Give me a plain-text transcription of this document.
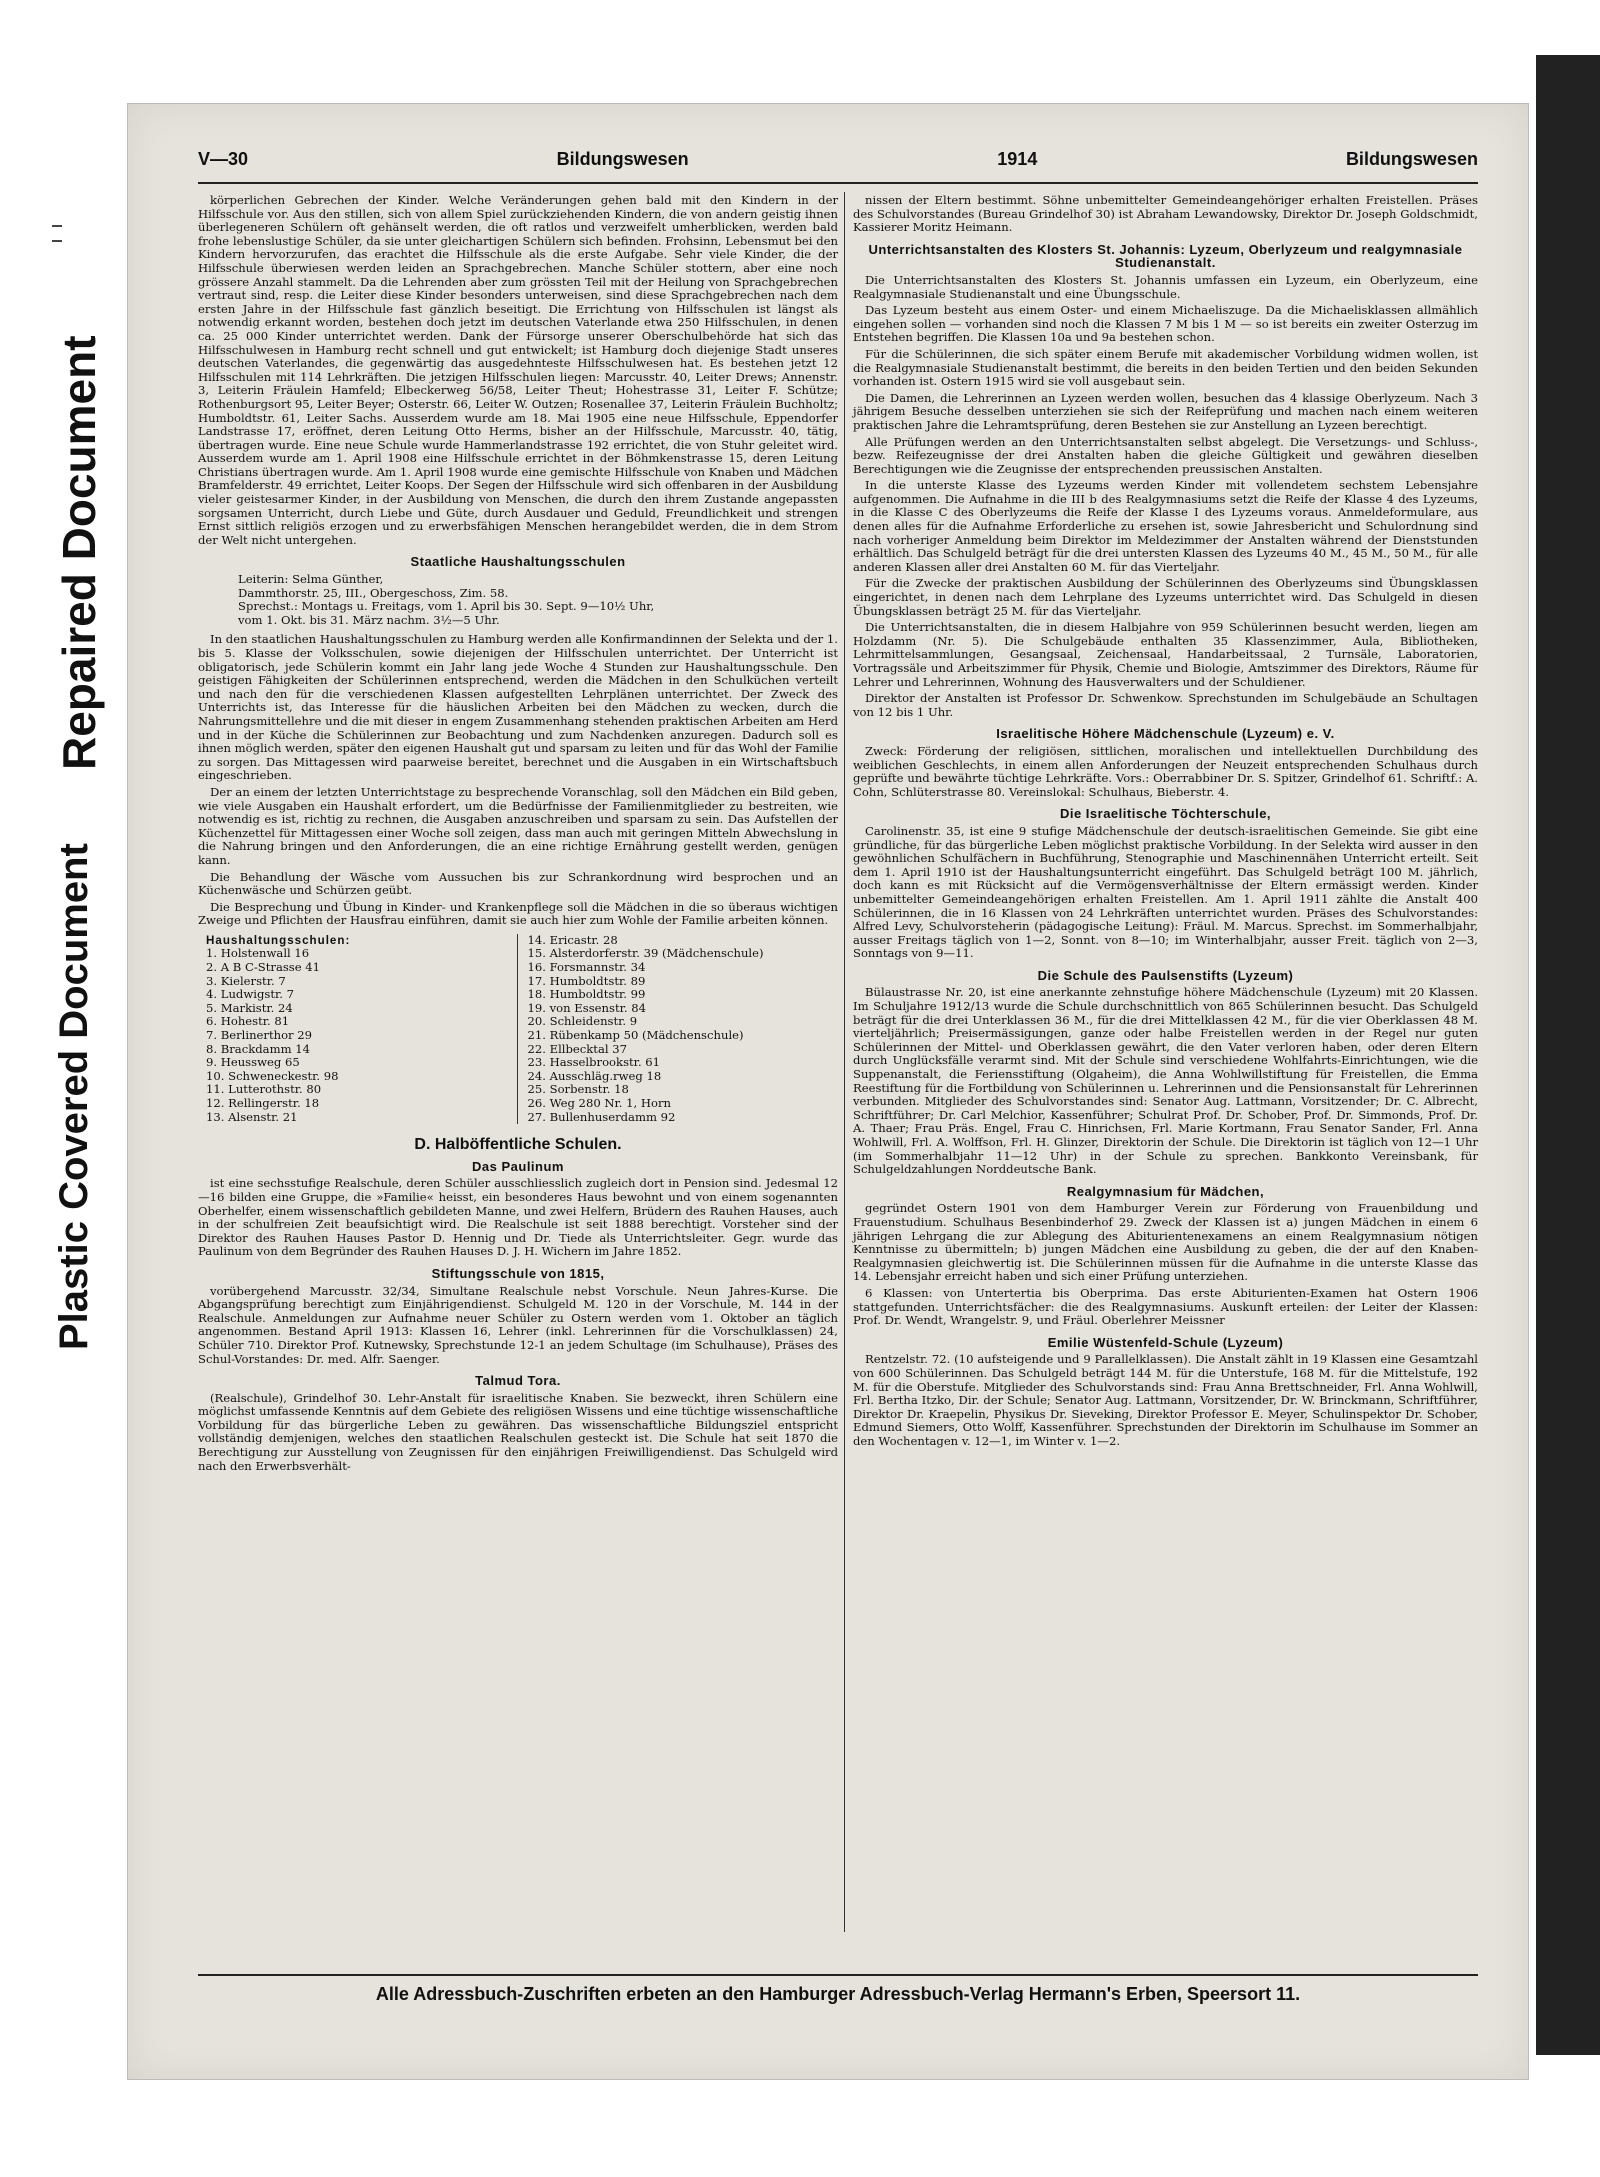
Repaired Document
Plastic Covered Document
V—30	Bildungswesen	1914	Bildungswesen

körperlichen Gebrechen der Kinder. Welche Veränderungen gehen bald mit den Kindern in der Hilfsschule vor. Aus den stillen, sich von allem Spiel zurückziehenden Kindern, die von andern geistig ihnen überlegeneren Schülern oft gehänselt werden, die oft ratlos und verzweifelt umherblicken, werden bald frohe lebenslustige Schüler, da sie unter gleichartigen Schülern sich befinden. Frohsinn, Lebensmut bei den Kindern hervorzurufen, das erachtet die Hilfsschule als die erste Aufgabe. Sehr viele Kinder, die der Hilfsschule überwiesen werden leiden an Sprachgebrechen. Manche Schüler stottern, aber eine noch grössere Anzahl stammelt. Da die Lehrenden aber zum grössten Teil mit der Heilung von Sprachgebrechen vertraut sind, resp. die Leiter diese Kinder besonders unterweisen, sind diese Sprachgebrechen nach dem ersten Jahre in der Hilfsschule fast gänzlich beseitigt. Die Errichtung von Hilfsschulen ist längst als notwendig erkannt worden, bestehen doch jetzt im deutschen Vaterlande etwa 250 Hilfsschulen, in denen ca. 25 000 Kinder unterrichtet werden. Dank der Fürsorge unserer Oberschulbehörde hat sich das Hilfsschulwesen in Hamburg recht schnell und gut entwickelt; ist Hamburg doch diejenige Stadt unseres deutschen Vaterlandes, die gegenwärtig das ausgedehnteste Hilfsschulwesen hat. Es bestehen jetzt 12 Hilfsschulen mit 114 Lehrkräften. Die jetzigen Hilfsschulen liegen: Marcusstr. 40, Leiter Drews; Annenstr. 3, Leiterin Fräulein Hamfeld; Elbeckerweg 56/58, Leiter Theut; Hohestrasse 31, Leiter F. Schütze; Rothenburgsort 95, Leiter Beyer; Osterstr. 66, Leiter W. Outzen; Rosenallee 37, Leiterin Fräulein Buchholtz; Humboldtstr. 61, Leiter Sachs. Ausserdem wurde am 18. Mai 1905 eine neue Hilfsschule, Eppendorfer Landstrasse 17, eröffnet, deren Leitung Otto Herms, bisher an der Hilfsschule, Marcusstr. 40, tätig, übertragen wurde. Eine neue Schule wurde Hammerlandstrasse 192 errichtet, die von Stuhr geleitet wird. Ausserdem wurde am 1. April 1908 eine Hilfsschule errichtet in der Böhmkenstrasse 15, deren Leitung Christians übertragen wurde. Am 1. April 1908 wurde eine gemischte Hilfsschule von Knaben und Mädchen Bramfelderstr. 49 errichtet, Leiter Koops. Der Segen der Hilfsschule wird sich offenbaren in der Ausbildung vieler geistesarmer Kinder, in der Ausbildung von Menschen, die durch den ihrem Zustande angepassten sorgsamen Unterricht, durch Liebe und Güte, durch Ausdauer und Geduld, Freundlichkeit und strengen Ernst sittlich religiös erzogen und zu erwerbsfähigen Menschen herangebildet werden, die in dem Strom der Welt nicht untergehen.

Staatliche Haushaltungsschulen
Leiterin: Selma Günther,
Dammthorstr. 25, III., Obergeschoss, Zim. 58.
Sprechst.: Montags u. Freitags, vom 1. April bis 30. Sept. 9—10½ Uhr,
vom 1. Okt. bis 31. März nachm. 3½—5 Uhr.

In den staatlichen Haushaltungsschulen zu Hamburg werden alle Konfirmandinnen der Selekta und der 1. bis 5. Klasse der Volksschulen, sowie diejenigen der Hilfsschulen unterrichtet. Der Unterricht ist obligatorisch, jede Schülerin kommt ein Jahr lang jede Woche 4 Stunden zur Haushaltungsschule. Den geistigen Fähigkeiten der Schülerinnen entsprechend, werden die Mädchen in den Schulküchen verteilt und nach den für die verschiedenen Klassen aufgestellten Lehrplänen unterrichtet. Der Zweck des Unterrichts ist, das Interesse für die häuslichen Arbeiten bei den Mädchen zu wecken, durch die Nahrungsmittellehre und die mit dieser in engem Zusammenhang stehenden praktischen Arbeiten am Herd und in der Küche die Schülerinnen zur Beobachtung und zum Nachdenken anzuregen. Dadurch soll es ihnen möglich werden, später den eigenen Haushalt gut und sparsam zu leiten und für das Wohl der Familie zu sorgen. Das Mittagessen wird paarweise bereitet, berechnet und die Ausgaben in ein Wirtschaftsbuch eingeschrieben.

Der an einem der letzten Unterrichtstage zu besprechende Voranschlag, soll den Mädchen ein Bild geben, wie viele Ausgaben ein Haushalt erfordert, um die Bedürfnisse der Familienmitglieder zu bestreiten, wie notwendig es ist, richtig zu rechnen, die Ausgaben anzuschreiben und sparsam zu sein. Das Aufstellen der Küchenzettel für Mittagessen einer Woche soll zeigen, dass man auch mit geringen Mitteln Abwechslung in die Nahrung bringen und den Anforderungen, die an eine richtige Ernährung gestellt werden, genügen kann.

Die Behandlung der Wäsche vom Aussuchen bis zur Schrankordnung wird besprochen und an Küchenwäsche und Schürzen geübt.

Die Besprechung und Übung in Kinder- und Krankenpflege soll die Mädchen in die so überaus wichtigen Zweige und Pflichten der Hausfrau einführen, damit sie auch hier zum Wohle der Familie arbeiten können.

Haushaltungsschulen:
1. Holstenwall 16
2. A B C-Strasse 41
3. Kielerstr. 7
4. Ludwigstr. 7
5. Markistr. 24
6. Hohestr. 81
7. Berlinerthor 29
8. Brackdamm 14
9. Heussweg 65
10. Schweneckestr. 98
11. Lutterothstr. 80
12. Rellingerstr. 18
13. Alsenstr. 21
14. Ericastr. 28
15. Alsterdorferstr. 39 (Mädchenschule)
16. Forsmannstr. 34
17. Humboldtstr. 89
18. Humboldtstr. 99
19. von Essenstr. 84
20. Schleidenstr. 9
21. Rübenkamp 50 (Mädchenschule)
22. Ellbecktal 37
23. Hasselbrookstr. 61
24. Ausschläg.rweg 18
25. Sorbenstr. 18
26. Weg 280 Nr. 1, Horn
27. Bullenhuserdamm 92
D. Halböffentliche Schulen.
Das Paulinum

ist eine sechsstufige Realschule, deren Schüler ausschliesslich zugleich dort in Pension sind. Jedesmal 12—16 bilden eine Gruppe, die »Familie« heisst, ein besonderes Haus bewohnt und von einem sogenannten Oberhelfer, einem wissenschaftlich gebildeten Manne, und zwei Helfern, Brüdern des Rauhen Hauses, auch in der schulfreien Zeit beaufsichtigt wird. Die Realschule ist seit 1888 berechtigt. Vorsteher sind der Direktor des Rauhen Hauses Pastor D. Hennig und Dr. Tiede als Unterrichtsleiter. Gegr. wurde das Paulinum von dem Begründer des Rauhen Hauses D. J. H. Wichern im Jahre 1852.

Stiftungsschule von 1815,

vorübergehend Marcusstr. 32/34, Simultane Realschule nebst Vorschule. Neun Jahres-Kurse. Die Abgangsprüfung berechtigt zum Einjährigendienst. Schulgeld M. 120 in der Vorschule, M. 144 in der Realschule. Anmeldungen zur Aufnahme neuer Schüler zu Ostern werden vom 1. Oktober an täglich angenommen. Bestand April 1913: Klassen 16, Lehrer (inkl. Lehrerinnen für die Vorschulklassen) 24, Schüler 710. Direktor Prof. Kutnewsky, Sprechstunde 12-1 an jedem Schultage (im Schulhause), Präses des Schul-Vorstandes: Dr. med. Alfr. Saenger.

Talmud Tora.

(Realschule), Grindelhof 30. Lehr-Anstalt für israelitische Knaben. Sie bezweckt, ihren Schülern eine möglichst umfassende Kenntnis auf dem Gebiete des religiösen Wissens und eine tüchtige wissenschaftliche Vorbildung für das bürgerliche Leben zu gewähren. Das wissenschaftliche Bildungsziel entspricht vollständig demjenigen, welches den staatlichen Realschulen gesteckt ist. Die Schule hat seit 1870 die Berechtigung zur Ausstellung von Zeugnissen für den einjährigen Freiwilligendienst. Das Schulgeld wird nach den Erwerbsverhält-

nissen der Eltern bestimmt. Söhne unbemittelter Gemeindeangehöriger erhalten Freistellen. Präses des Schulvorstandes (Bureau Grindelhof 30) ist Abraham Lewandowsky, Direktor Dr. Joseph Goldschmidt, Kassierer Moritz Heimann.

Unterrichtsanstalten des Klosters St. Johannis: Lyzeum, Oberlyzeum und realgymnasiale Studienanstalt.

Die Unterrichtsanstalten des Klosters St. Johannis umfassen ein Lyzeum, ein Oberlyzeum, eine Realgymnasiale Studienanstalt und eine Übungsschule.

Das Lyzeum besteht aus einem Oster- und einem Michaeliszuge. Da die Michaelisklassen allmählich eingehen sollen — vorhanden sind noch die Klassen 7 M bis 1 M — so ist bereits ein zweiter Osterzug im Entstehen begriffen. Die Klassen 10a und 9a bestehen schon.

Für die Schülerinnen, die sich später einem Berufe mit akademischer Vorbildung widmen wollen, ist die Realgymnasiale Studienanstalt bestimmt, die bereits in den beiden Tertien und den beiden Sekunden vorhanden ist. Ostern 1915 wird sie voll ausgebaut sein.

Die Damen, die Lehrerinnen an Lyzeen werden wollen, besuchen das 4 klassige Oberlyzeum. Nach 3 jährigem Besuche desselben unterziehen sie sich der Reifeprüfung und machen nach einem weiteren praktischen Jahre die Lehramtsprüfung, deren Bestehen sie zur Anstellung an Lyzeen berechtigt.

Alle Prüfungen werden an den Unterrichtsanstalten selbst abgelegt. Die Versetzungs- und Schluss-, bezw. Reifezeugnisse der drei Anstalten haben die gleiche Gültigkeit und gewähren dieselben Berechtigungen wie die Zeugnisse der entsprechenden preussischen Anstalten.

In die unterste Klasse des Lyzeums werden Kinder mit vollendetem sechstem Lebensjahre aufgenommen. Die Aufnahme in die III b des Realgymnasiums setzt die Reife der Klasse 4 des Lyzeums, in die Klasse C des Oberlyzeums die Reife der Klasse I des Lyzeums voraus. Anmeldeformulare, aus denen alles für die Aufnahme Erforderliche zu ersehen ist, sowie Jahresbericht und Schulordnung sind nach vorheriger Anmeldung beim Direktor im Meldezimmer der Anstalten während der Dienststunden erhältlich. Das Schulgeld beträgt für die drei untersten Klassen des Lyzeums 40 M., 45 M., 50 M., für alle anderen Klassen aller drei Anstalten 60 M. für das Vierteljahr.

Für die Zwecke der praktischen Ausbildung der Schülerinnen des Oberlyzeums sind Übungsklassen eingerichtet, in denen nach dem Lehrplane des Lyzeums unterrichtet wird. Das Schulgeld in diesen Übungsklassen beträgt 25 M. für das Vierteljahr.

Die Unterrichtsanstalten, die in diesem Halbjahre von 959 Schülerinnen besucht werden, liegen am Holzdamm (Nr. 5). Die Schulgebäude enthalten 35 Klassenzimmer, Aula, Bibliotheken, Lehrmittelsammlungen, Gesangsaal, Zeichensaal, Handarbeitssaal, 2 Turnsäle, Laboratorien, Vortragssäle und Arbeitszimmer für Physik, Chemie und Biologie, Amtszimmer des Direktors, Räume für Lehrer und Lehrerinnen, Wohnung des Hausverwalters und der Schuldiener.

Direktor der Anstalten ist Professor Dr. Schwenkow. Sprechstunden im Schulgebäude an Schultagen von 12 bis 1 Uhr.

Israelitische Höhere Mädchenschule (Lyzeum) e. V.

Zweck: Förderung der religiösen, sittlichen, moralischen und intellektuellen Durchbildung des weiblichen Geschlechts, in einem allen Anforderungen der Neuzeit entsprechenden Schulhaus durch geprüfte und bewährte tüchtige Lehrkräfte. Vors.: Oberrabbiner Dr. S. Spitzer, Grindelhof 61. Schriftf.: A. Cohn, Schlüterstrasse 80. Vereinslokal: Schulhaus, Bieberstr. 4.

Die Israelitische Töchterschule,

Carolinenstr. 35, ist eine 9 stufige Mädchenschule der deutsch-israelitischen Gemeinde. Sie gibt eine gründliche, für das bürgerliche Leben möglichst praktische Vorbildung. In der Selekta wird ausser in den gewöhnlichen Schulfächern in Buchführung, Stenographie und Maschinennähen Unterricht erteilt. Seit dem 1. April 1910 ist der Haushaltungsunterricht eingeführt. Das Schulgeld beträgt 100 M. jährlich, doch kann es mit Rücksicht auf die Vermögensverhältnisse der Eltern ermässigt werden. Kinder unbemittelter Gemeindeangehörigen erhalten Freistellen. Am 1. April 1911 zählte die Anstalt 400 Schülerinnen, die in 16 Klassen von 24 Lehrkräften unterrichtet wurden. Präses des Schulvorstandes: Alfred Levy, Schulvorsteherin (pädagogische Leitung): Fräul. M. Marcus. Sprechst. im Sommerhalbjahr, ausser Freitags täglich von 1—2, Sonnt. von 8—10; im Winterhalbjahr, ausser Freit. täglich von 2—3, Sonntags von 9—11.

Die Schule des Paulsenstifts (Lyzeum)

Bülaustrasse Nr. 20, ist eine anerkannte zehnstufige höhere Mädchenschule (Lyzeum) mit 20 Klassen. Im Schuljahre 1912/13 wurde die Schule durchschnittlich von 865 Schülerinnen besucht. Das Schulgeld beträgt für die drei Unterklassen 36 M., für die drei Mittelklassen 42 M., für die vier Oberklassen 48 M. vierteljährlich; Preisermässigungen, ganze oder halbe Freistellen werden in der Regel nur guten Schülerinnen der Mittel- und Oberklassen gewährt, die den Vater verloren haben, oder deren Eltern durch Unglücksfälle verarmt sind. Mit der Schule sind verschiedene Wohlfahrts-Einrichtungen, wie die Suppenanstalt, die Feriensstiftung (Olgaheim), die Anna Wohlwillstiftung für Freistellen, die Emma Reestiftung für die Fortbildung von Schülerinnen u. Lehrerinnen und die Pensionsanstalt für Lehrerinnen verbunden. Mitglieder des Schulvorstandes sind: Senator Aug. Lattmann, Vorsitzender; Dr. C. Albrecht, Schriftführer; Dr. Carl Melchior, Kassenführer; Schulrat Prof. Dr. Schober, Prof. Dr. Simmonds, Prof. Dr. A. Thaer; Frau Präs. Engel, Frau C. Hinrichsen, Frl. Marie Kortmann, Frau Senator Sander, Frl. Anna Wohlwill, Frl. A. Wolffson, Frl. H. Glinzer, Direktorin der Schule. Die Direktorin ist täglich von 12—1 Uhr (im Sommerhalbjahr 11—12 Uhr) in der Schule zu sprechen. Bankkonto Vereinsbank, für Schulgeldzahlungen Norddeutsche Bank.

Realgymnasium für Mädchen,

gegründet Ostern 1901 von dem Hamburger Verein zur Förderung von Frauenbildung und Frauenstudium. Schulhaus Besenbinderhof 29. Zweck der Klassen ist a) jungen Mädchen in einem 6 jährigen Lehrgang die zur Ablegung des Abiturientenexamens an einem Realgymnasium nötigen Kenntnisse zu übermitteln; b) jungen Mädchen eine Ausbildung zu geben, die der auf den Knaben-Realgymnasien gleichwertig ist. Die Schülerinnen müssen für die Aufnahme in die unterste Klasse das 14. Lebensjahr erreicht haben und sich einer Prüfung unterziehen.

6 Klassen: von Untertertia bis Oberprima. Das erste Abiturienten-Examen hat Ostern 1906 stattgefunden. Unterrichtsfächer: die des Realgymnasiums. Auskunft erteilen: der Leiter der Klassen: Prof. Dr. Wendt, Wrangelstr. 9, und Fräul. Oberlehrer Meissner

Emilie Wüstenfeld-Schule (Lyzeum)

Rentzelstr. 72. (10 aufsteigende und 9 Parallelklassen). Die Anstalt zählt in 19 Klassen eine Gesamtzahl von 600 Schülerinnen. Das Schulgeld beträgt 144 M. für die Unterstufe, 168 M. für die Mittelstufe, 192 M. für die Oberstufe. Mitglieder des Schulvorstands sind: Frau Anna Brettschneider, Frl. Anna Wohlwill, Frl. Bertha Itzko, Dir. der Schule; Senator Aug. Lattmann, Vorsitzender, Dr. W. Brinckmann, Schriftführer, Direktor Dr. Kraepelin, Physikus Dr. Sieveking, Direktor Professor E. Meyer, Schulinspektor Dr. Schober, Edmund Siemers, Otto Wolff, Kassenführer. Sprechstunden der Direktorin im Schulhause im Sommer an den Wochentagen v. 12—1, im Winter v. 1—2.

Alle Adressbuch-Zuschriften erbeten an den Hamburger Adressbuch-Verlag Hermann's Erben, Speersort 11.
